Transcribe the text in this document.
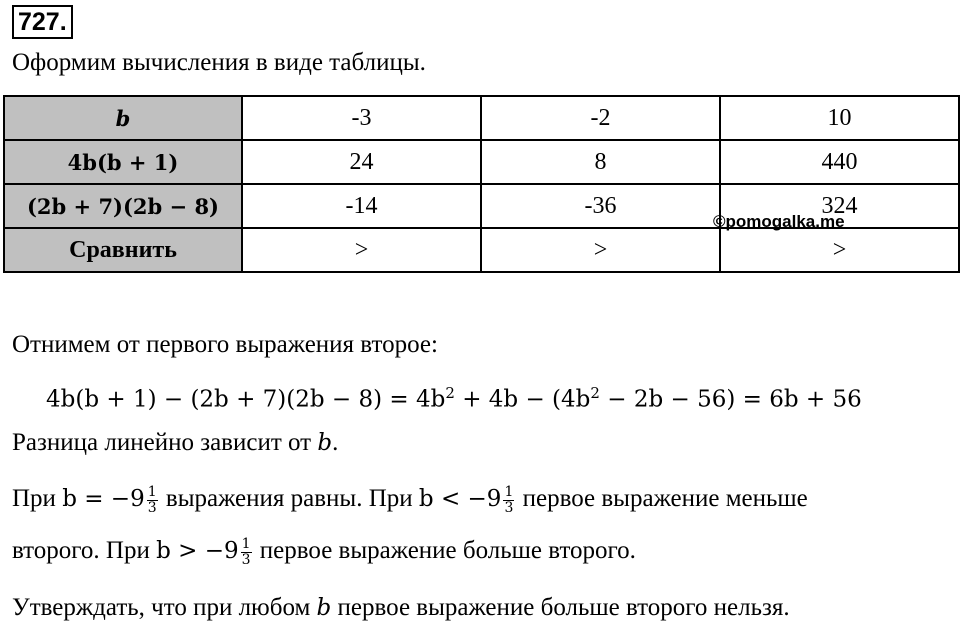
727.
Оформим вычисления в виде таблицы.
b	-3	-2	10
4b(b + 1)	24	8	440
(2b + 7)(2b − 8)	-14	-36	324
Сравнить	>	>	>
©pomogalka.me
Отнимем от первого выражения второе:
$4b(b + 1) - (2b + 7)(2b - 8) = 4b^2 + 4b - (4b^2 - 2b - 56) = 6b + 56$
Разница линейно зависит от b.
При $b = -9 \frac{1}{3}$ выражения равны. При $b < -9 \frac{1}{3}$ первое выражение меньше
второго. При $b > -9 \frac{1}{3}$ первое выражение больше второго.
Утверждать, что при любом b первое выражение больше второго нельзя.
